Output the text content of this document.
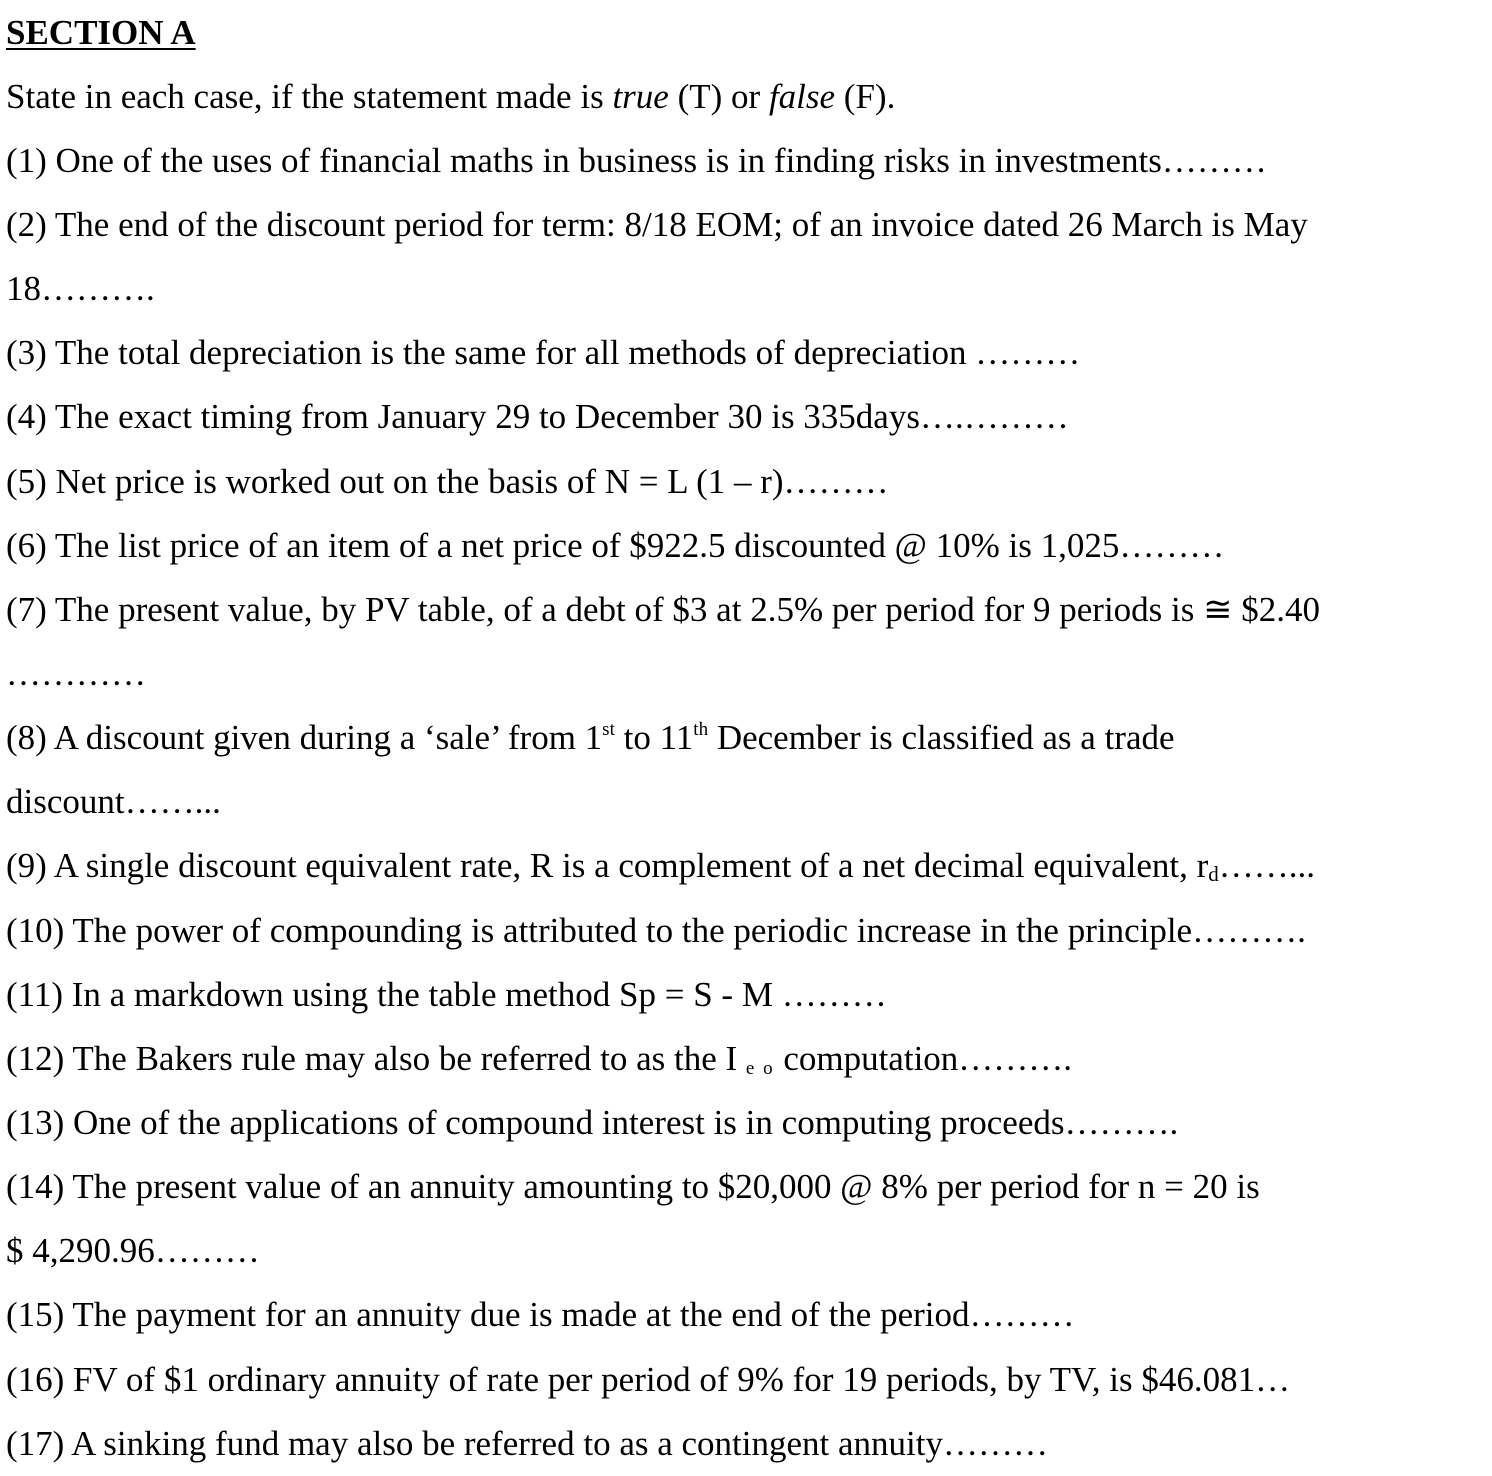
SECTION A
State in each case, if the statement made is true (T) or false (F).
(1) One of the uses of financial maths in business is in finding risks in investments………
(2) The end of the discount period for term: 8/18 EOM; of an invoice dated 26 March is May
18……….
(3) The total depreciation is the same for all methods of depreciation ………
(4) The exact timing from January 29 to December 30 is 335days….………
(5) Net price is worked out on the basis of N = L (1 – r)………
(6) The list price of an item of a net price of $922.5 discounted @ 10% is 1,025………
(7) The present value, by PV table, of a debt of $3 at 2.5% per period for 9 periods is ≅ $2.40
…………
(8) A discount given during a ‘sale’ from 1st to 11th December is classified as a trade
discount……...
(9) A single discount equivalent rate, R is a complement of a net decimal equivalent, rd……...
(10) The power of compounding is attributed to the periodic increase in the principle……….
(11) In a markdown using the table method Sp = S - M ………
(12) The Bakers rule may also be referred to as the I e o computation……….
(13) One of the applications of compound interest is in computing proceeds……….
(14) The present value of an annuity amounting to $20,000 @ 8% per period for n = 20 is
$ 4,290.96………
(15) The payment for an annuity due is made at the end of the period………
(16) FV of $1 ordinary annuity of rate per period of 9% for 19 periods, by TV, is $46.081…
(17) A sinking fund may also be referred to as a contingent annuity………
